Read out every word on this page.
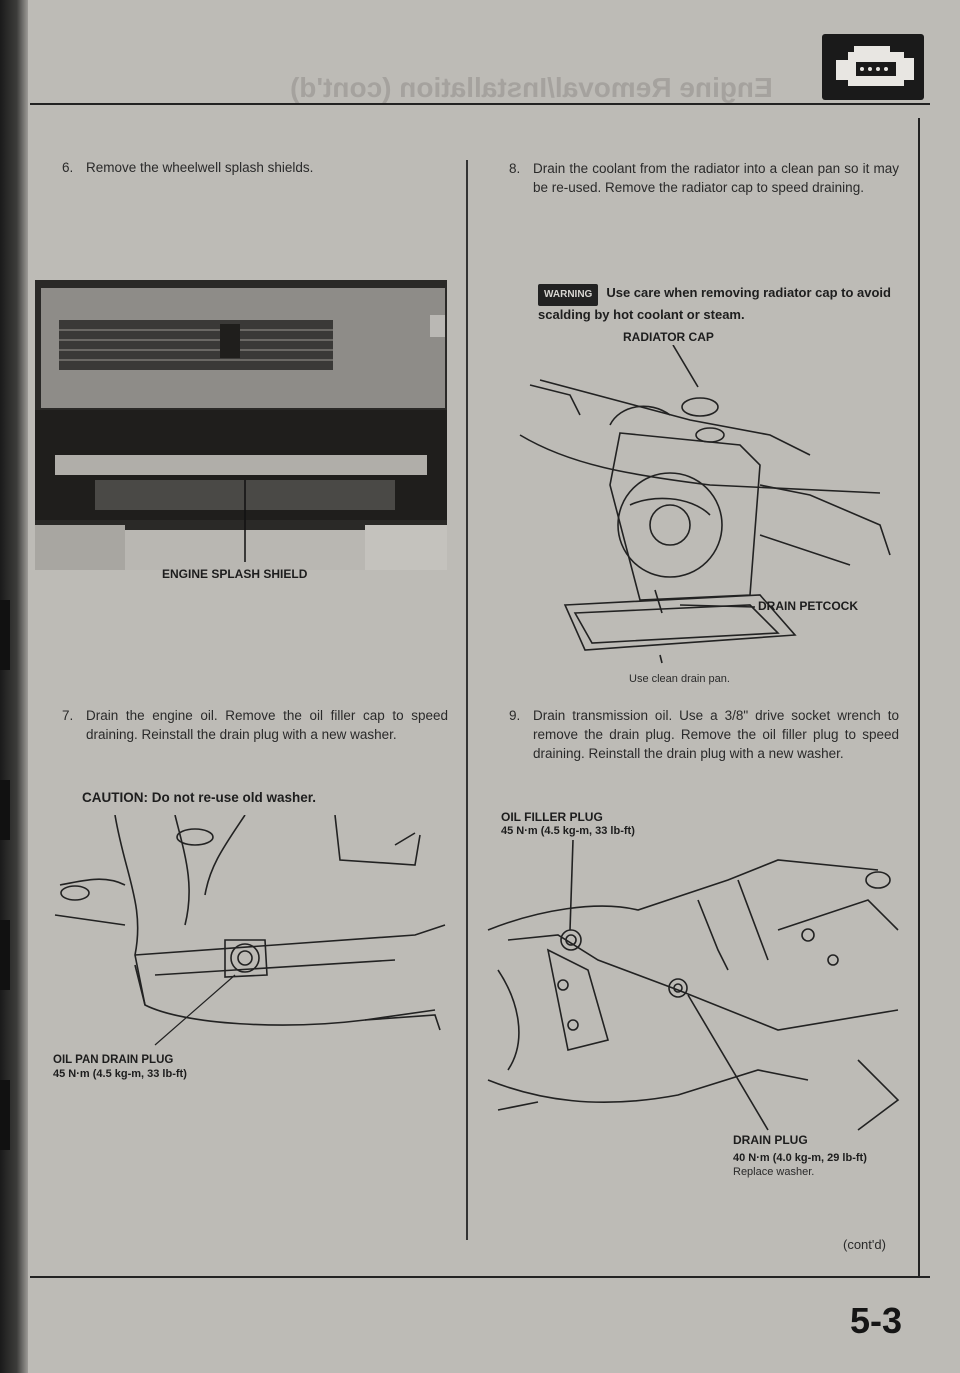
Engine Removal/Installation (cont'd)
6. Remove the wheelwell splash shields.
ENGINE SPLASH SHIELD
7. Drain the engine oil. Remove the oil filler cap to speed draining. Reinstall the drain plug with a new washer.
CAUTION: Do not re-use old washer.
OIL PAN DRAIN PLUG
45 N·m (4.5 kg-m, 33 lb-ft)
8. Drain the coolant from the radiator into a clean pan so it may be re-used. Remove the radiator cap to speed draining.
WARNING Use care when removing radiator cap to avoid scalding by hot coolant or steam.
RADIATOR CAP
DRAIN PETCOCK
Use clean drain pan.
9. Drain transmission oil. Use a 3/8" drive socket wrench to remove the drain plug. Remove the oil filler plug to speed draining. Reinstall the drain plug with a new washer.
OIL FILLER PLUG
45 N·m (4.5 kg-m, 33 lb-ft)
DRAIN PLUG
40 N·m (4.0 kg-m, 29 lb-ft)
Replace washer.
(cont'd)
5-3
